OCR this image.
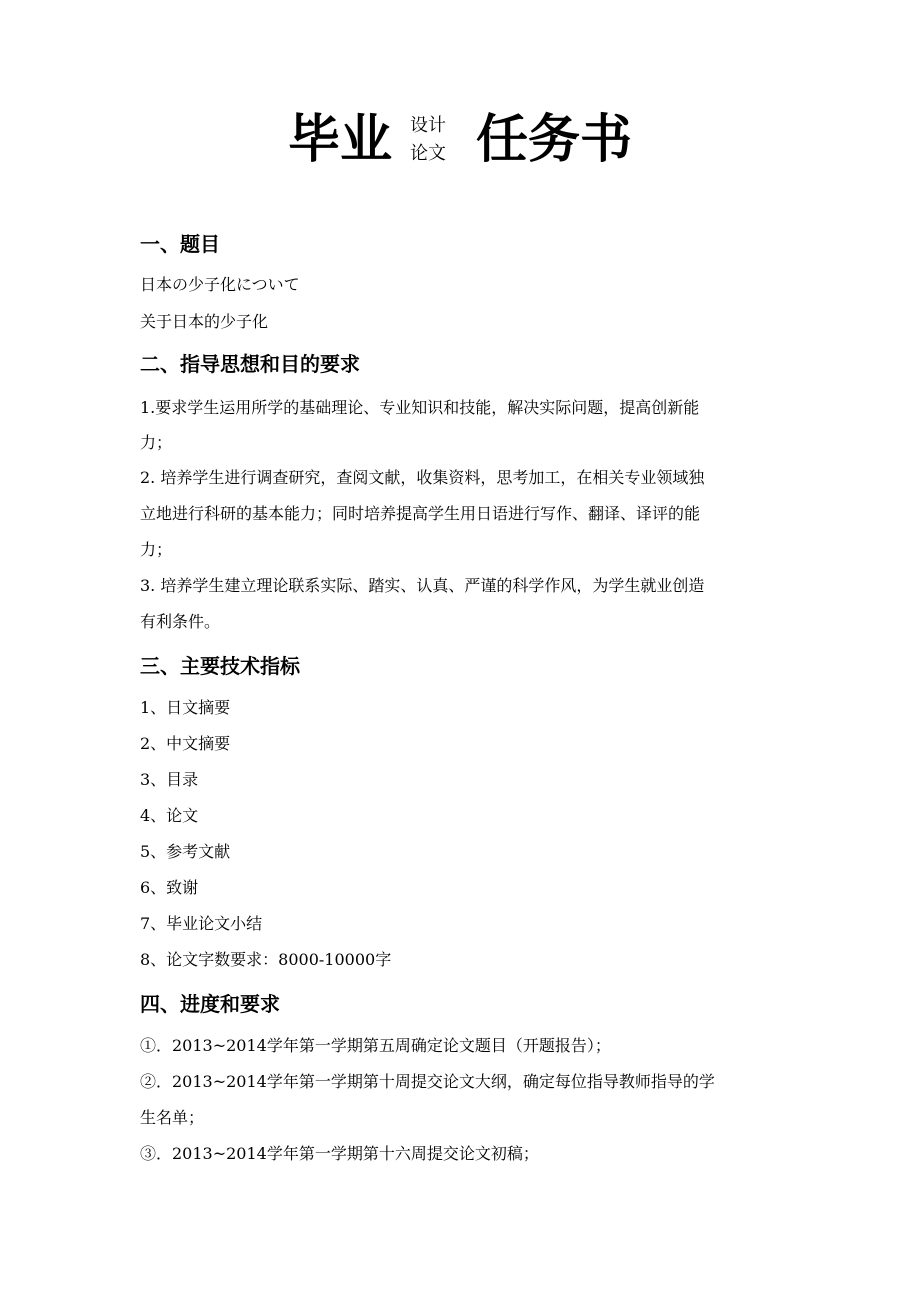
毕业 设计
论文 任务书
一、题目
日本の少子化について
关于日本的少子化
二、指导思想和目的要求
1.要求学生运用所学的基础理论、专业知识和技能，解决实际问题，提高创新能
力；
2. 培养学生进行调查研究，查阅文献，收集资料，思考加工，在相关专业领域独
立地进行科研的基本能力；同时培养提高学生用日语进行写作、翻译、译评的能
力；
3. 培养学生建立理论联系实际、踏实、认真、严谨的科学作风，为学生就业创造
有利条件。
三、主要技术指标
1、日文摘要
2、中文摘要
3、目录
4、论文
5、参考文献
6、致谢
7、毕业论文小结
8、论文字数要求：8000-10000字
四、进度和要求
①．2013~2014学年第一学期第五周确定论文题目（开题报告）；
②．2013~2014学年第一学期第十周提交论文大纲，确定每位指导教师指导的学
生名单；
③．2013~2014学年第一学期第十六周提交论文初稿；
